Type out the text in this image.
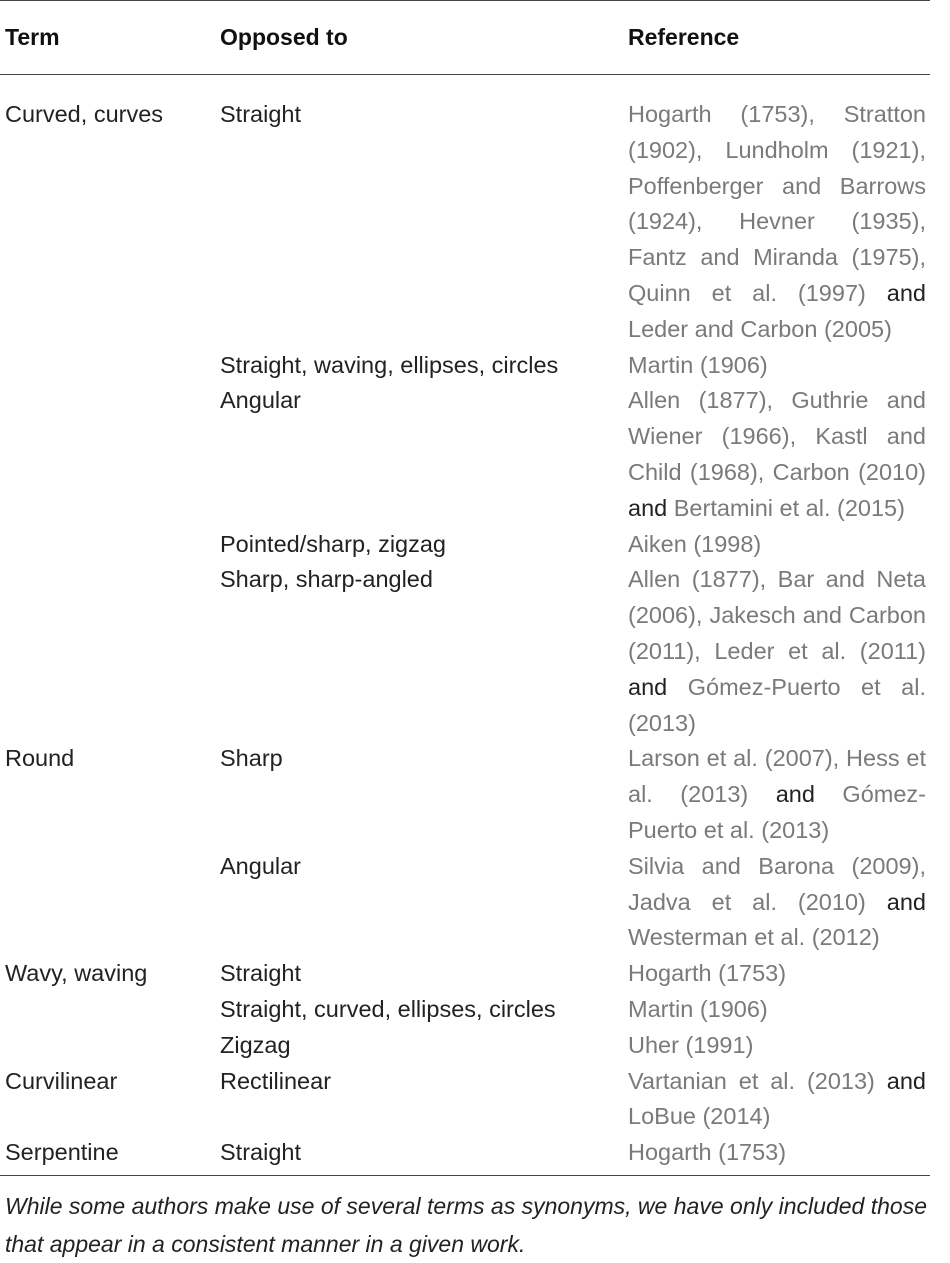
Term	Opposed to	Reference
Curved, curves	Straight	Hogarth (1753), Stratton (1902), Lundholm (1921), Poffenberger and Barrows (1924), Hevner (1935), Fantz and Miranda (1975), Quinn et al. (1997) and Leder and Carbon (2005)
	Straight, waving, ellipses, circles	Martin (1906)
	Angular	Allen (1877), Guthrie and Wiener (1966), Kastl and Child (1968), Carbon (2010) and Bertamini et al. (2015)
	Pointed/sharp, zigzag	Aiken (1998)
	Sharp, sharp-angled	Allen (1877), Bar and Neta (2006), Jakesch and Carbon (2011), Leder et al. (2011) and Gómez-Puerto et al. (2013)
Round	Sharp	Larson et al. (2007), Hess et al. (2013) and Gómez-Puerto et al. (2013)
	Angular	Silvia and Barona (2009), Jadva et al. (2010) and Westerman et al. (2012)
Wavy, waving	Straight	Hogarth (1753)
	Straight, curved, ellipses, circles	Martin (1906)
	Zigzag	Uher (1991)
Curvilinear	Rectilinear	Vartanian et al. (2013) and LoBue (2014)
Serpentine	Straight	Hogarth (1753)
While some authors make use of several terms as synonyms, we have only included those that appear in a consistent manner in a given work.
